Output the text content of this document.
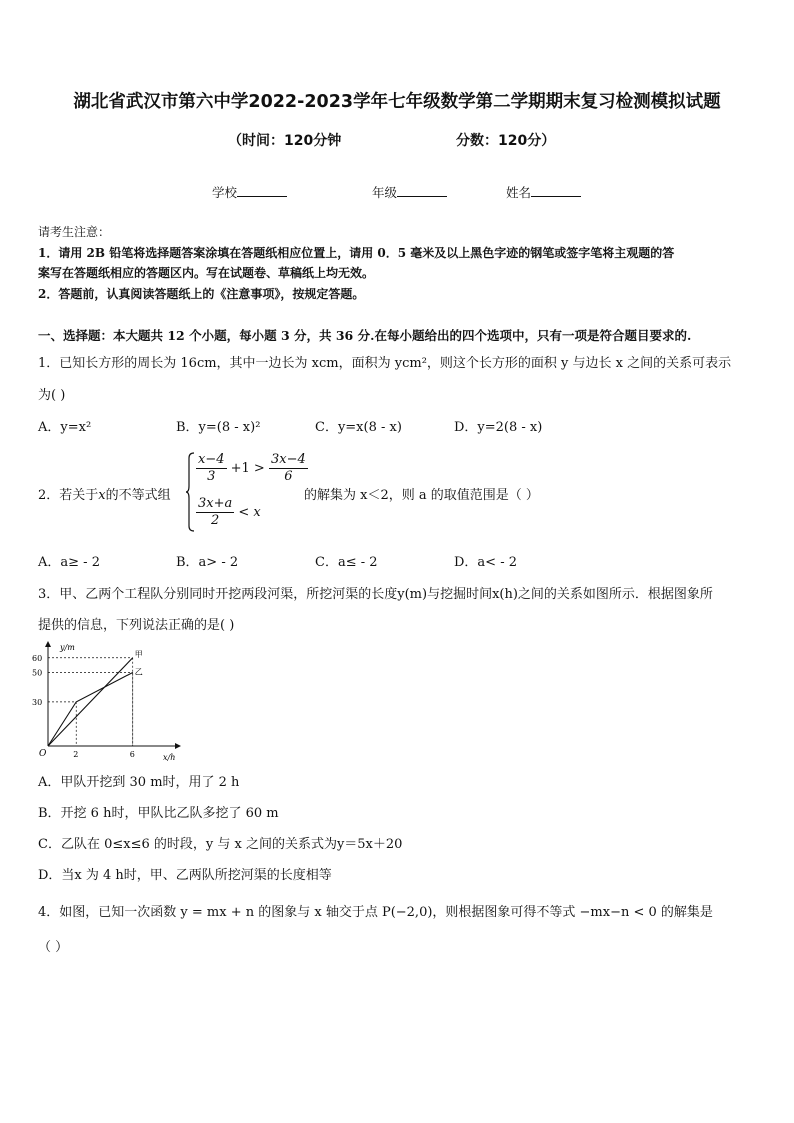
湖北省武汉市第六中学2022-2023学年七年级数学第二学期期末复习检测模拟试题
（时间：120分钟	分数：120分）
学校	年级	姓名
请考生注意：
1．请用 2B 铅笔将选择题答案涂填在答题纸相应位置上，请用 0．5 毫米及以上黑色字迹的钢笔或签字笔将主观题的答
案写在答题纸相应的答题区内。写在试题卷、草稿纸上均无效。
2．答题前，认真阅读答题纸上的《注意事项》，按规定答题。
一、选择题：本大题共 12 个小题，每小题 3 分，共 36 分.在每小题给出的四个选项中，只有一项是符合题目要求的.
1．已知长方形的周长为 16cm，其中一边长为 xcm，面积为 ycm²，则这个长方形的面积 y 与边长 x 之间的关系可表示
为( )
A．y=x²	B．y=(8 - x)²	C．y=x(8 - x)	D．y=2(8 - x)
2．若关于x的不等式组
$\frac{x-4}{3} +1 > \frac{3x-4}{6}$
$\frac{3x+a}{2} < x$
的解集为 x＜2，则 a 的取值范围是（ ）
A．a≥ - 2	B．a> - 2	C．a≤ - 2	D．a< - 2
3．甲、乙两个工程队分别同时开挖两段河渠，所挖河渠的长度y(m)与挖掘时间x(h)之间的关系如图所示．根据图象所
提供的信息，下列说法正确的是( )
甲
乙
2	6
30
50
60
y/m
x/h
O
A．甲队开挖到 30 m时，用了 2 h
B．开挖 6 h时，甲队比乙队多挖了 60 m
C．乙队在 0≤x≤6 的时段，y 与 x 之间的关系式为y＝5x＋20
D．当x 为 4 h时，甲、乙两队所挖河渠的长度相等
4．如图，已知一次函数 y = mx + n 的图象与 x 轴交于点 P(−2,0)，则根据图象可得不等式 −mx−n < 0 的解集是
（ ）
